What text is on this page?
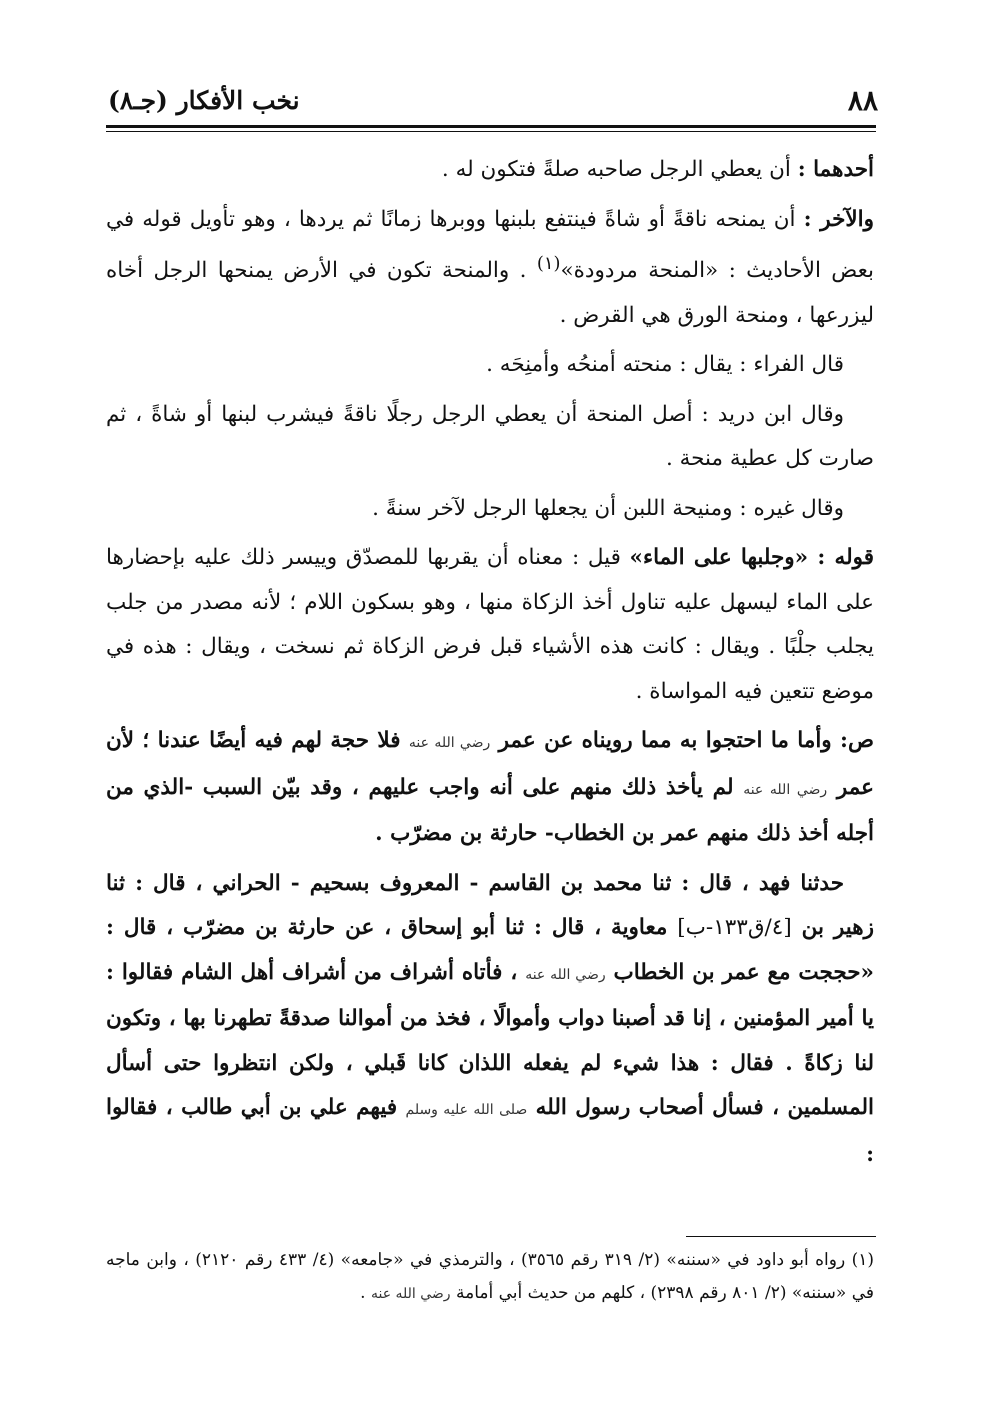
نخب الأفكار (جـ٨)	٨٨

أحدهما : أن يعطي الرجل صاحبه صلةً فتكون له .

والآخر : أن يمنحه ناقةً أو شاةً فينتفع بلبنها ووبرها زمانًا ثم يردها ، وهو تأويل قوله في بعض الأحاديث : «المنحة مردودة»$^{(١)}$ . والمنحة تكون في الأرض يمنحها الرجل أخاه ليزرعها ، ومنحة الورق هي القرض .

قال الفراء : يقال : منحته أمنحُه وأمنِحَه .

وقال ابن دريد : أصل المنحة أن يعطي الرجل رجلًا ناقةً فيشرب لبنها أو شاةً ، ثم صارت كل عطية منحة .

وقال غيره : ومنيحة اللبن أن يجعلها الرجل لآخر سنةً .

قوله : «وجلبها على الماء» قيل : معناه أن يقربها للمصدّق وييسر ذلك عليه بإحضارها على الماء ليسهل عليه تناول أخذ الزكاة منها ، وهو بسكون اللام ؛ لأنه مصدر من جلب يجلب جلْبًا . ويقال : كانت هذه الأشياء قبل فرض الزكاة ثم نسخت ، ويقال : هذه في موضع تتعين فيه المواساة .

ص: وأما ما احتجوا به مما رويناه عن عمر رضي الله عنه فلا حجة لهم فيه أيضًا عندنا ؛ لأن عمر رضي الله عنه لم يأخذ ذلك منهم على أنه واجب عليهم ، وقد بيّن السبب -الذي من أجله أخذ ذلك منهم عمر بن الخطاب- حارثة بن مضرّب .

حدثنا فهد ، قال : ثنا محمد بن القاسم - المعروف بسحيم - الحراني ، قال : ثنا زهير بن [٤/ق١٣٣-ب] معاوية ، قال : ثنا أبو إسحاق ، عن حارثة بن مضرّب ، قال : «حججت مع عمر بن الخطاب رضي الله عنه ، فأتاه أشراف من أشراف أهل الشام فقالوا : يا أمير المؤمنين ، إنا قد أصبنا دواب وأموالًا ، فخذ من أموالنا صدقةً تطهرنا بها ، وتكون لنا زكاةً . فقال : هذا شيء لم يفعله اللذان كانا قَبلي ، ولكن انتظروا حتى أسأل المسلمين ، فسأل أصحاب رسول الله صلى الله عليه وسلم فيهم علي بن أبي طالب ، فقالوا :

(١) رواه أبو داود في «سننه» (٢/ ٣١٩ رقم ٣٥٦٥) ، والترمذي في «جامعه» (٤/ ٤٣٣ رقم ٢١٢٠) ، وابن ماجه في «سننه» (٢/ ٨٠١ رقم ٢٣٩٨) ، كلهم من حديث أبي أمامة رضي الله عنه .
